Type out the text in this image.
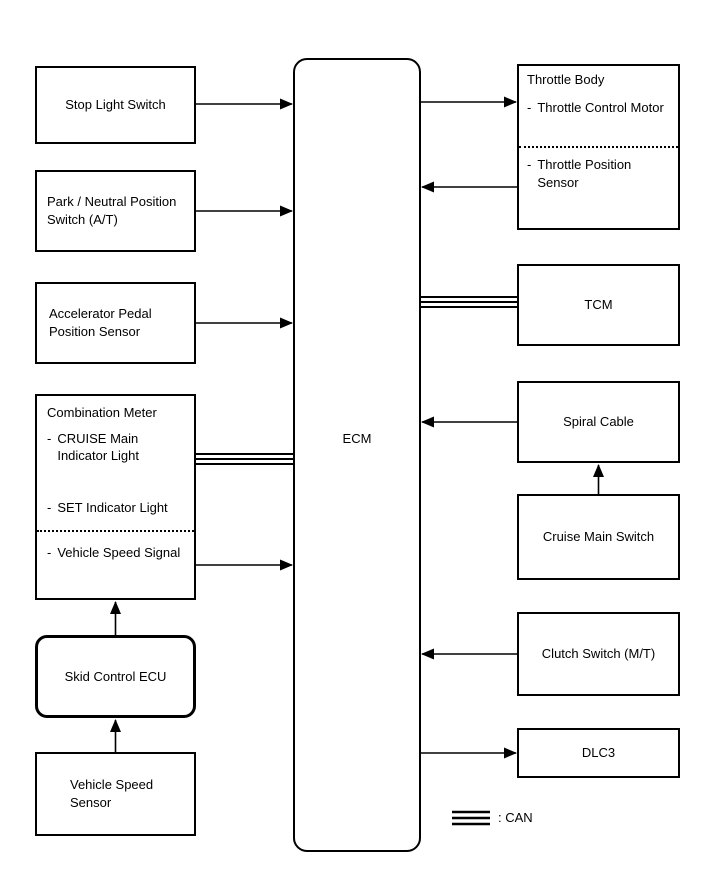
Stop Light Switch
Park / Neutral Position Switch (A/T)
Accelerator Pedal Position Sensor
Combination Meter
- CRUISE Main Indicator Light
- SET Indicator Light
- Vehicle Speed Signal
Skid Control ECU
Vehicle Speed Sensor
ECM
Throttle Body
- Throttle Control Motor
- Throttle Position Sensor
TCM
Spiral Cable
Cruise Main Switch
Clutch Switch (M/T)
DLC3
: CAN
